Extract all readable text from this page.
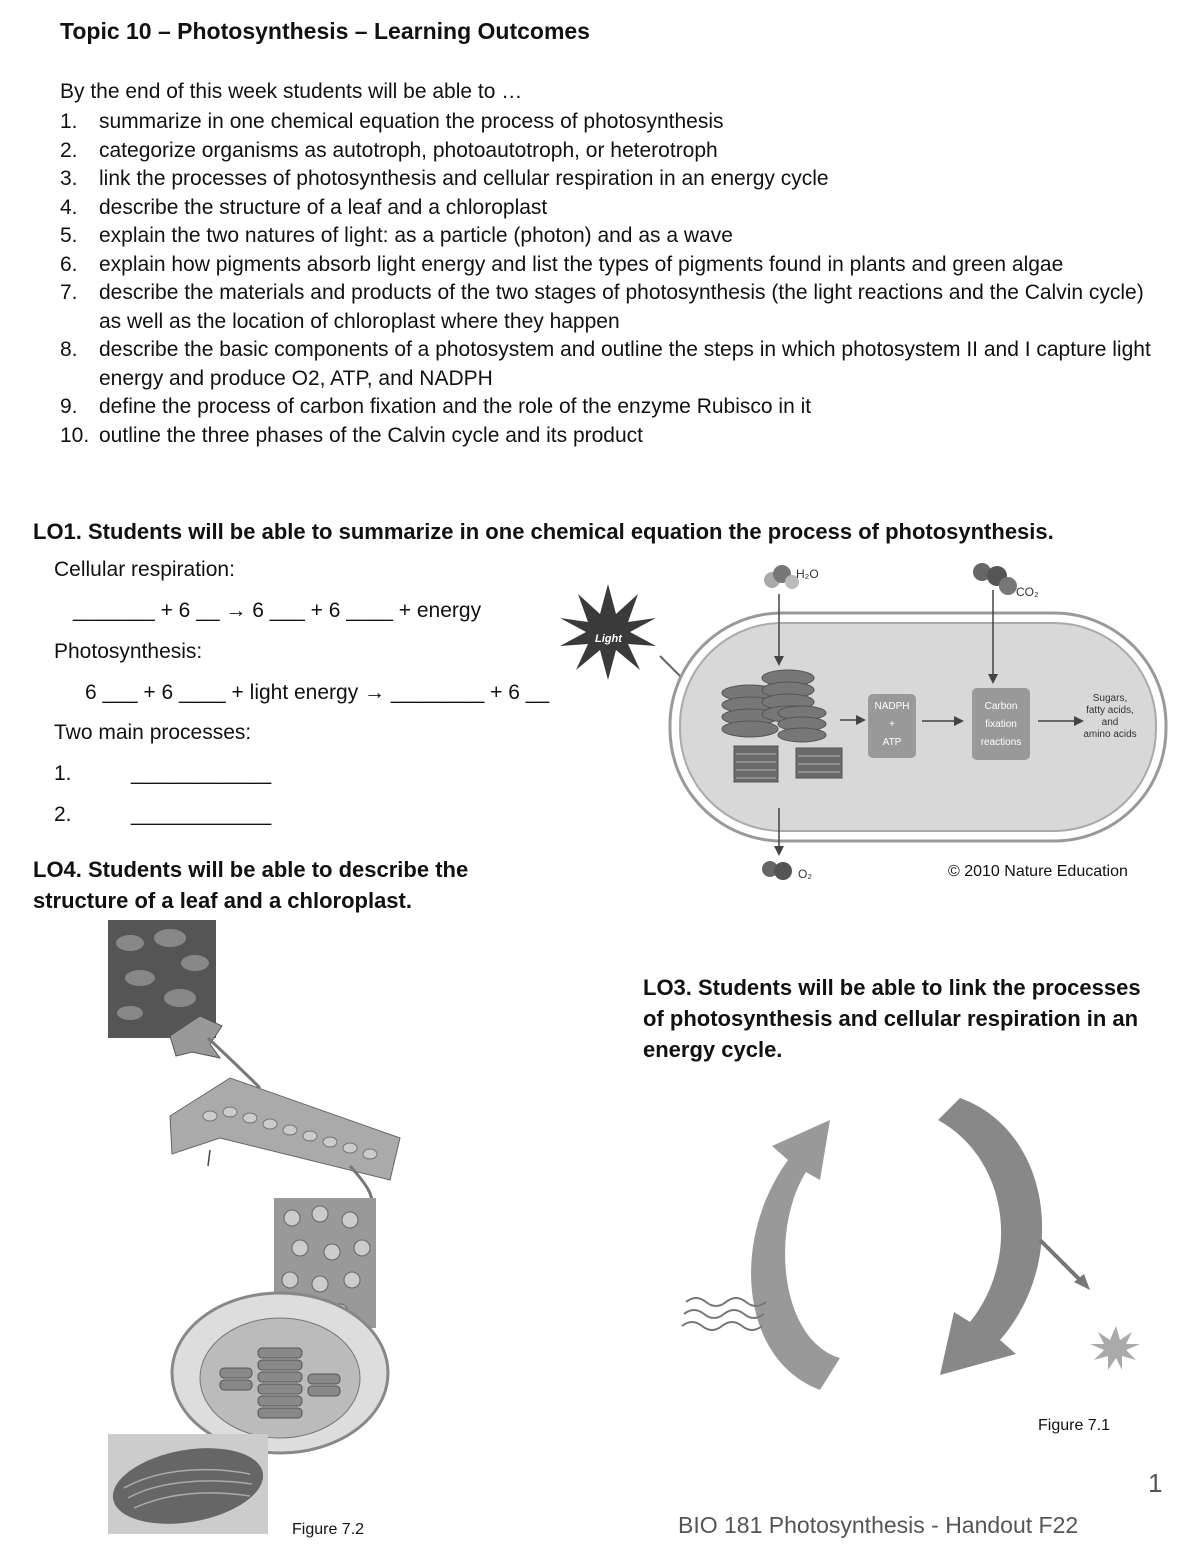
Topic 10 – Photosynthesis – Learning Outcomes
By the end of this week students will be able to …
1.	summarize in one chemical equation the process of photosynthesis
2.	categorize organisms as autotroph, photoautotroph, or heterotroph
3.	link the processes of photosynthesis and cellular respiration in an energy cycle
4.	describe the structure of a leaf and a chloroplast
5.	explain the two natures of light: as a particle (photon) and as a wave
6.	explain how pigments absorb light energy and list the types of pigments found in plants and green algae
7.	describe the materials and products of the two stages of photosynthesis (the light reactions and the Calvin cycle) as well as the location of chloroplast where they happen
8.	describe the basic components of a photosystem and outline the steps in which photosystem II and I capture light energy and produce O2, ATP, and NADPH
9.	define the process of carbon fixation and the role of the enzyme Rubisco in it
10. outline the three phases of the Calvin cycle and its product
LO1. Students will be able to summarize in one chemical equation the process of photosynthesis.
Cellular respiration:
_______ + 6 __ → 6 ___ + 6 ____ + energy
Photosynthesis:
6 ___ + 6 ____ + light energy → ________ + 6 __
Two main processes:
1.	____________
2.	____________
Light
H₂O
CO₂
NADPH
+
ATP
Carbon
fixation
reactions
Sugars,
fatty acids,
and
amino acids
O₂	© 2010 Nature Education
LO4. Students will be able to describe the structure of a leaf and a chloroplast.
Figure 7.2
LO3. Students will be able to link the processes of photosynthesis and cellular respiration in an energy cycle.
Figure 7.1
1
BIO 181 Photosynthesis - Handout F22
